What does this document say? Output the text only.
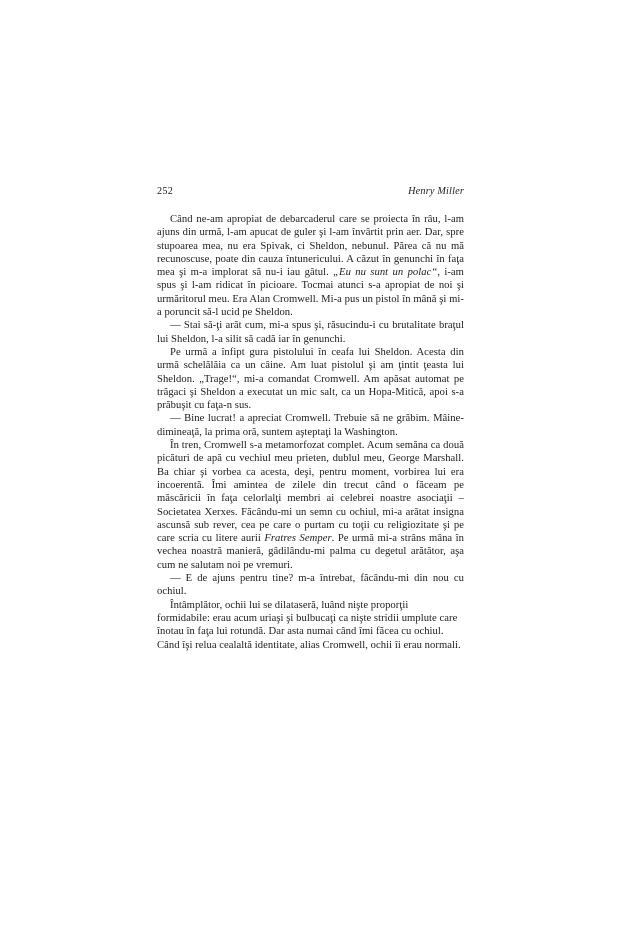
252	Henry Miller

Când ne-am apropiat de debarcaderul care se proiecta în râu, l-am ajuns din urmă, l-am apucat de guler şi l-am învârtit prin aer. Dar, spre stupoarea mea, nu era Spivak, ci Sheldon, nebunul. Părea că nu mă recunoscuse, poate din cauza întunericului. A căzut în genunchi în faţa mea şi m-a implorat să nu-i iau gâtul. „Eu nu sunt un polac“, i-am spus şi l-am ridicat în picioare. Tocmai atunci s-a apropiat de noi şi urmăritorul meu. Era Alan Cromwell. Mi-a pus un pistol în mână şi mi-a poruncit să-l ucid pe Sheldon.

— Stai să-ţi arăt cum, mi-a spus şi, răsucindu-i cu brutalitate braţul lui Sheldon, l-a silit să cadă iar în genunchi.

Pe urmă a înfipt gura pistolului în ceafa lui Sheldon. Acesta din urmă schelălăia ca un câine. Am luat pistolul şi am ţintit ţeasta lui Sheldon. „Trage!“, mi-a comandat Cromwell. Am apăsat automat pe trăgaci şi Sheldon a executat un mic salt, ca un Hopa-Mitică, apoi s-a prăbuşit cu faţa-n sus.

— Bine lucrat! a apreciat Cromwell. Trebuie să ne grăbim. Mâine-dimineaţă, la prima oră, suntem aşteptaţi la Washington.

În tren, Cromwell s-a metamorfozat complet. Acum semăna ca două picături de apă cu vechiul meu prieten, dublul meu, George Marshall. Ba chiar şi vorbea ca acesta, deşi, pentru moment, vorbirea lui era incoerentă. Îmi amintea de zilele din trecut când o făceam pe măscăricii în faţa celorlalţi membri ai celebrei noastre asociaţii – Societatea Xerxes. Făcându-mi un semn cu ochiul, mi-a arătat insigna ascunsă sub rever, cea pe care o purtam cu toţii cu religiozitate şi pe care scria cu litere aurii Fratres Semper. Pe urmă mi-a strâns mâna în vechea noastră manieră, gâdilându-mi palma cu degetul arătător, aşa cum ne salutam noi pe vremuri.

— E de ajuns pentru tine? m-a întrebat, făcându-mi din nou cu ochiul.

Întâmplător, ochii lui se dilataseră, luând nişte proporţii formidabile: erau acum uriaşi şi bulbucaţi ca nişte stridii umplute care înotau în faţa lui rotundă. Dar asta numai când îmi făcea cu ochiul. Când îşi relua cealaltă identitate, alias Cromwell, ochii îi erau normali.
